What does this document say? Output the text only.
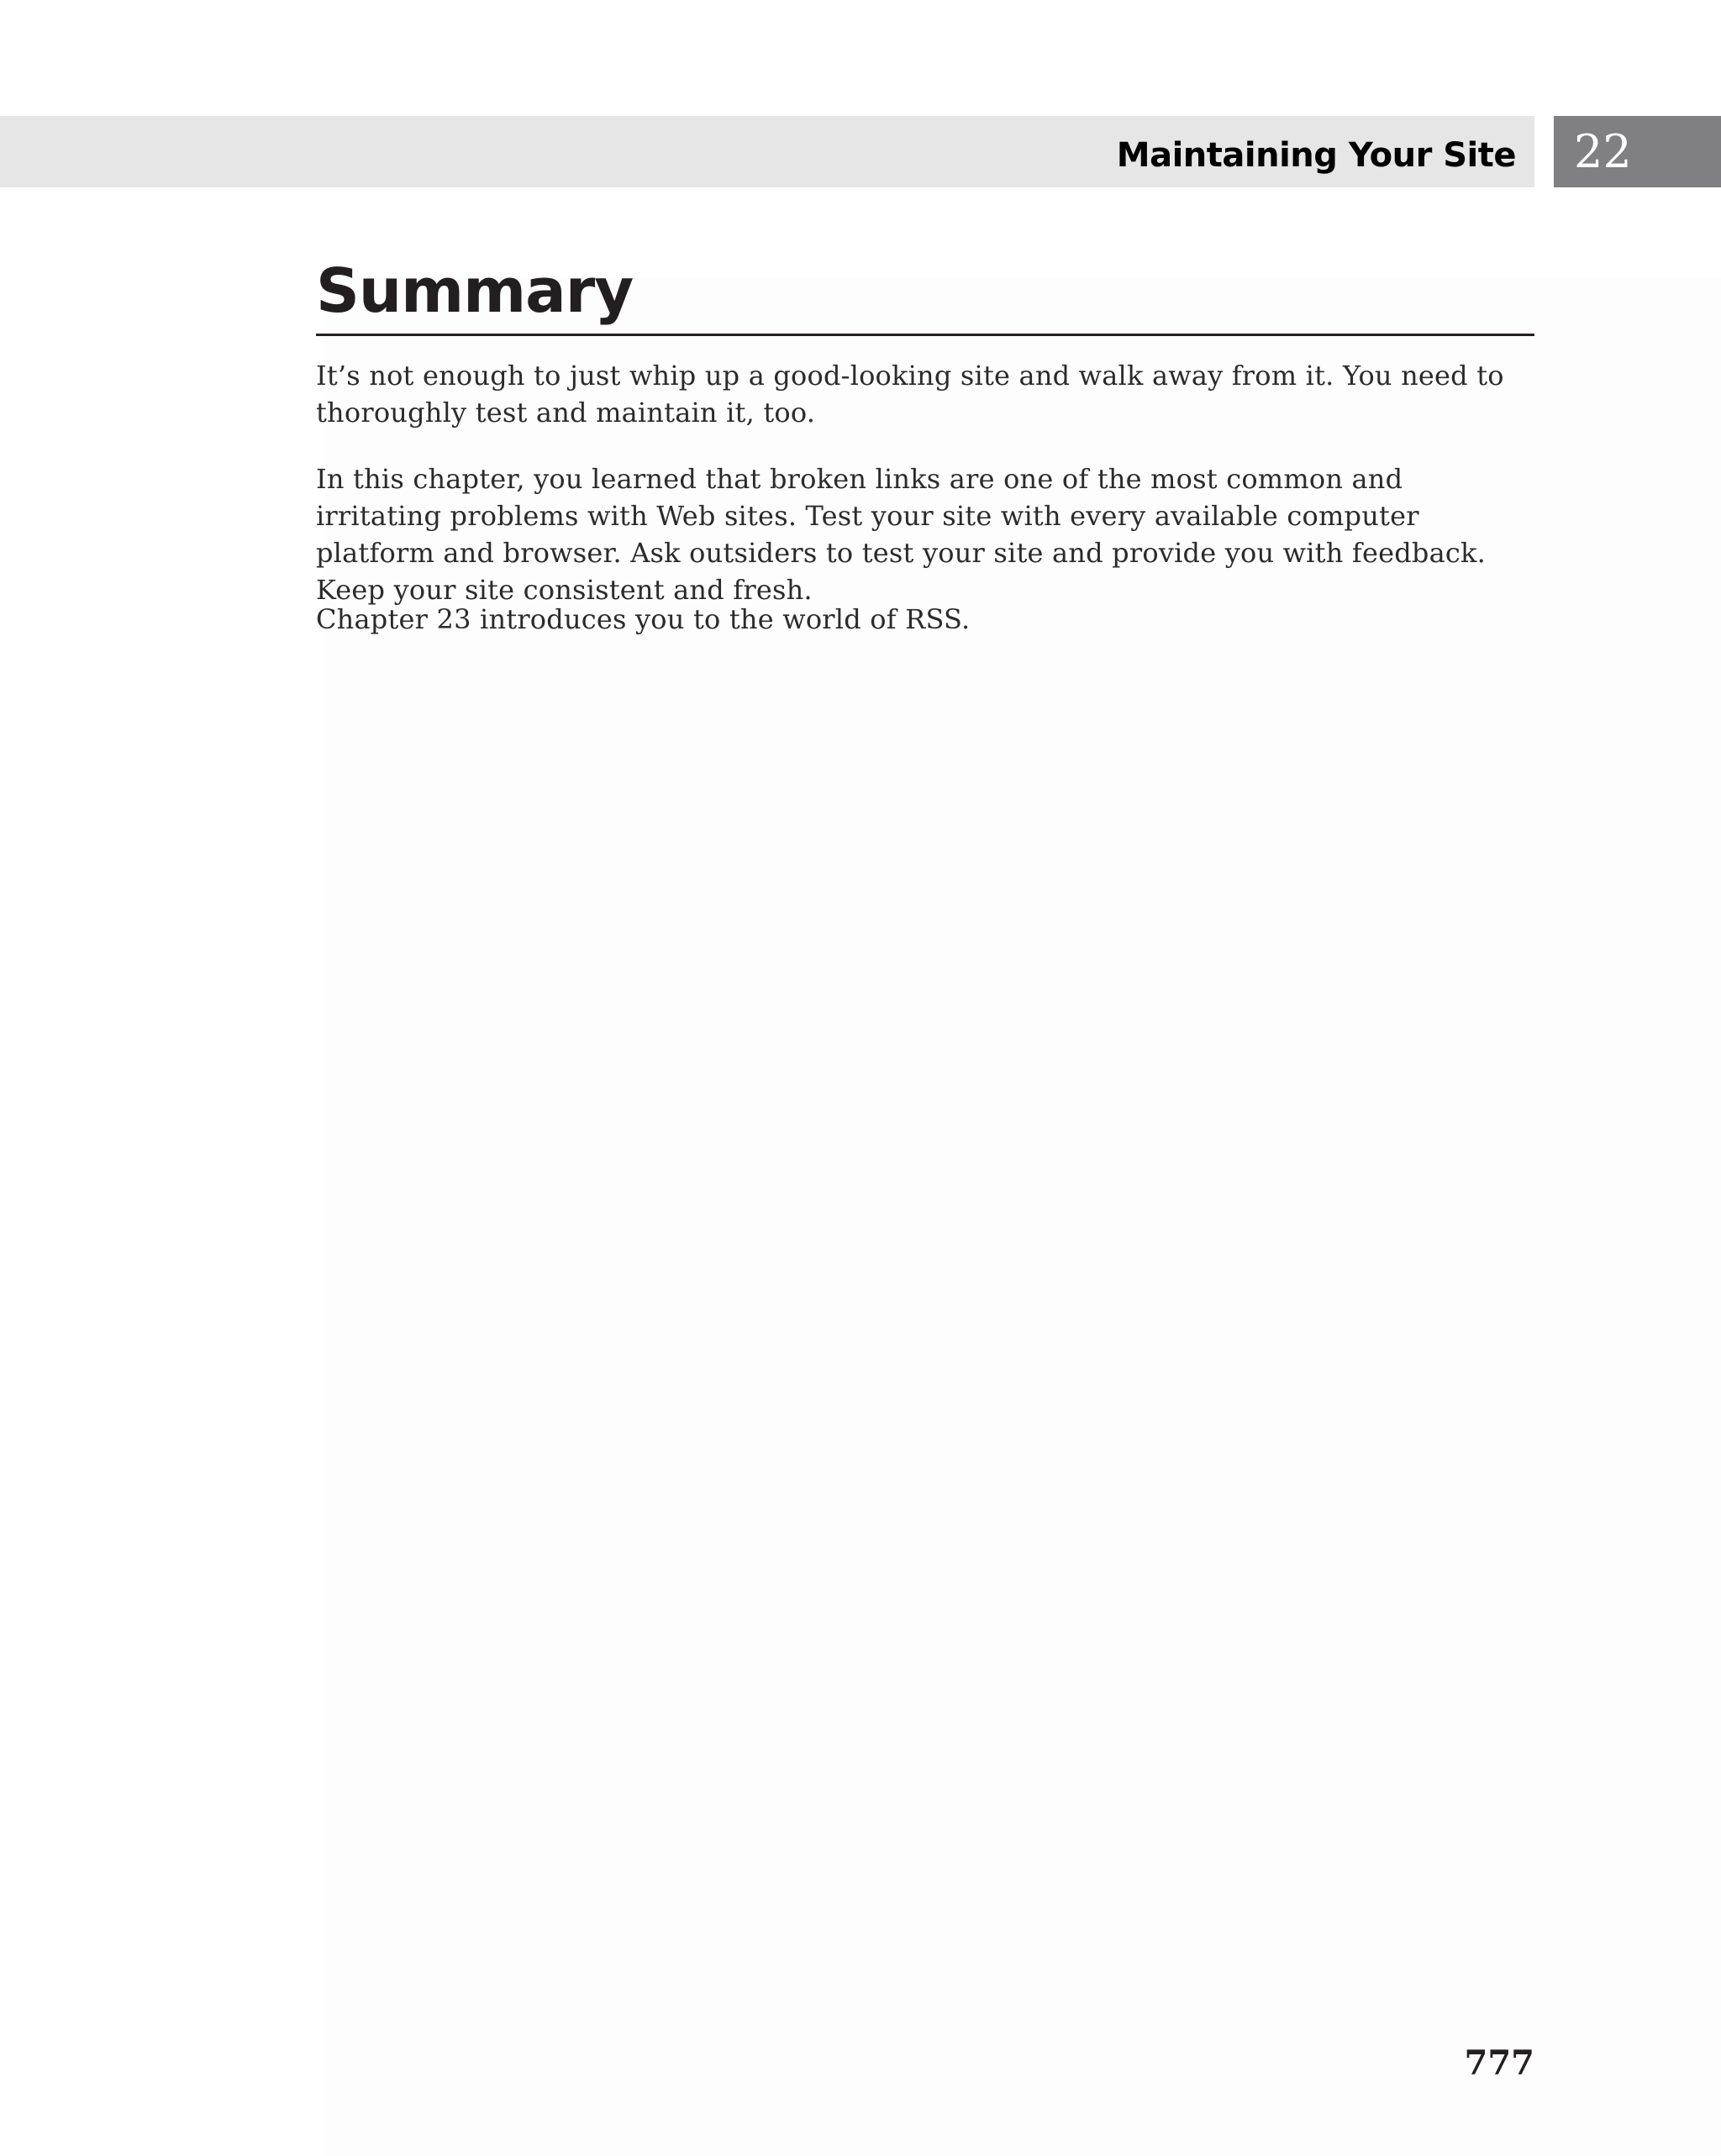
Maintaining Your Site 22
Summary

It’s not enough to just whip up a good-looking site and walk away from it. You need to thoroughly test and maintain it, too.

In this chapter, you learned that broken links are one of the most common and irritating problems with Web sites. Test your site with every available computer platform and browser. Ask outsiders to test your site and provide you with feedback. Keep your site consistent and fresh.

Chapter 23 introduces you to the world of RSS.

777
